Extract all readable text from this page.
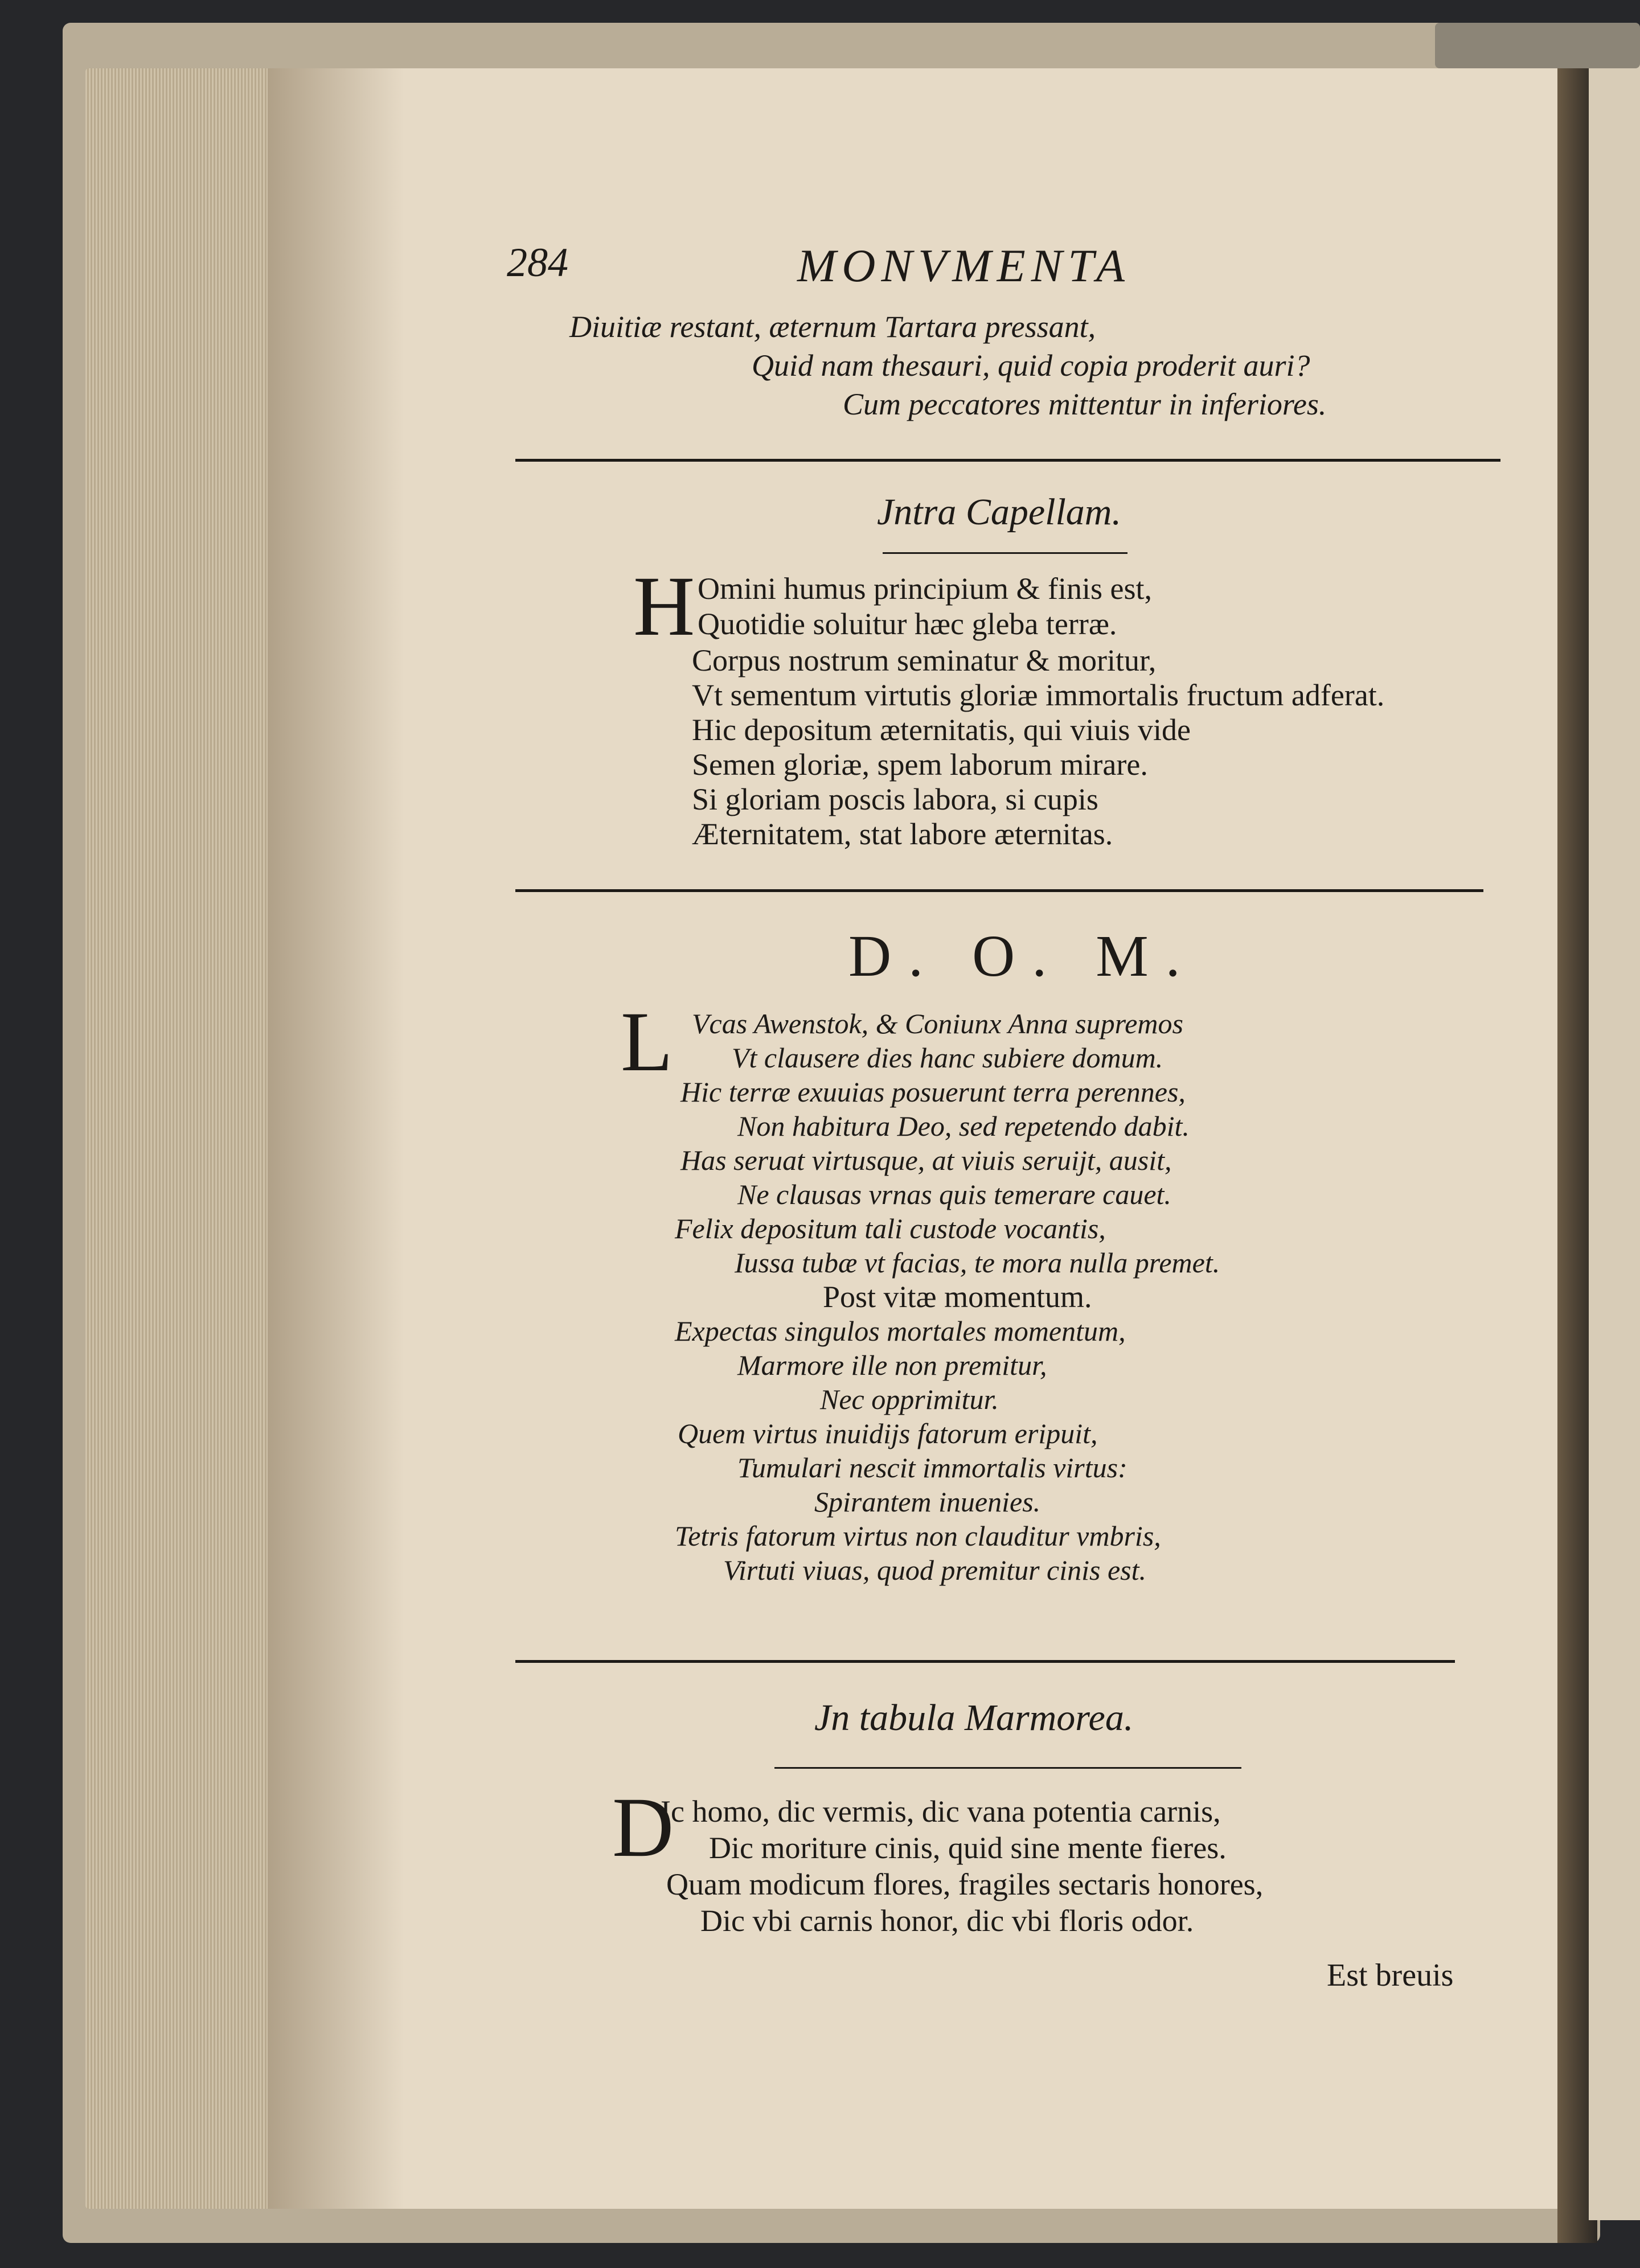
284	MONVMENTA
Diuitiæ restant, æternum Tartara pressant,
Quid nam thesauri, quid copia proderit auri?
Cum peccatores mittentur in inferiores.
Jntra Capellam.
H Omini humus principium & finis est,
Quotidie soluitur hæc gleba terræ.
Corpus nostrum seminatur & moritur,
Vt sementum virtutis gloriæ immortalis fructum adferat.
Hic depositum æternitatis, qui viuis vide
Semen gloriæ, spem laborum mirare.
Si gloriam poscis labora, si cupis
Æternitatem, stat labore æternitas.
D. O. M.
L Vcas Awenstok, & Coniunx Anna supremos
Vt clausere dies hanc subiere domum.
Hic terræ exuuias posuerunt terra perennes,
Non habitura Deo, sed repetendo dabit.
Has seruat virtusque, at viuis seruijt, ausit,
Ne clausas vrnas quis temerare cauet.
Felix depositum tali custode vocantis,
Iussa tubæ vt facias, te mora nulla premet.
Post vitæ momentum.
Expectas singulos mortales momentum,
Marmore ille non premitur,
Nec opprimitur.
Quem virtus inuidijs fatorum eripuit,
Tumulari nescit immortalis virtus:
Spirantem inuenies.
Tetris fatorum virtus non clauditur vmbris,
Virtuti viuas, quod premitur cinis est.
Jn tabula Marmorea.
D
Ic homo, dic vermis, dic vana potentia carnis,
Dic moriture cinis, quid sine mente fieres.
Quam modicum flores, fragiles sectaris honores,
Dic vbi carnis honor, dic vbi floris odor.
Est breuis
